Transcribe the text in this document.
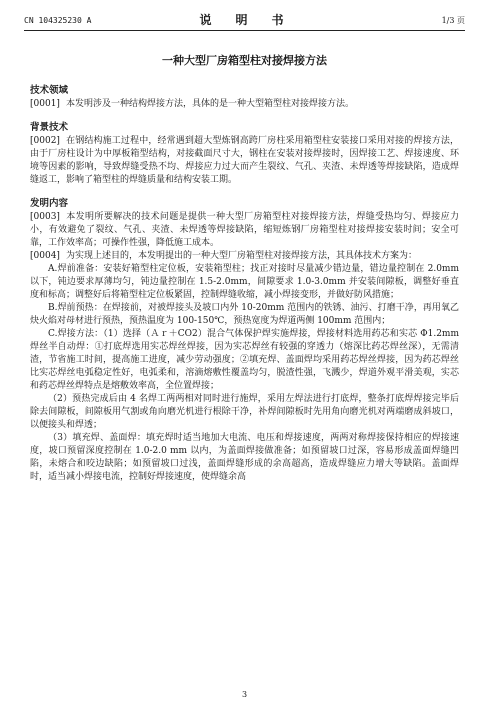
CN 104325230 A	说　明　书	1/3 页
一种大型厂房箱型柱对接焊接方法
技术领域

[0001] 本发明涉及一种结构焊接方法，具体的是一种大型箱型柱对接焊接方法。

背景技术

[0002] 在钢结构施工过程中，经常遇到超大型炼钢高跨厂房柱采用箱型柱安装接口采用对接的焊接方法，由于厂房柱设计为中厚板箱型结构，对接截面尺寸大，钢柱在安装对接焊接时，因焊接工艺、焊接速度、环境等因素的影响，导致焊缝受热不均、焊接应力过大而产生裂纹、气孔、夹渣、未焊透等焊接缺陷，造成焊缝返工，影响了箱型柱的焊缝质量和结构安装工期。

发明内容

[0003] 本发明所要解决的技术问题是提供一种大型厂房箱型柱对接焊接方法，焊缝受热均匀、焊接应力小，有效避免了裂纹、气孔、夹渣、未焊透等焊接缺陷，缩短炼钢厂房箱型柱对接焊接安装时间；安全可靠，工作效率高；可操作性强，降低施工成本。

[0004] 为实现上述目的，本发明提出的一种大型厂房箱型柱对接焊接方法，其具体技术方案为：

A.焊前准备：安装好箱型柱定位板，安装箱型柱；找正对接时尽量减少错边量，错边量控制在 2.0mm 以下，钝边要求厚薄均匀，钝边量控制在 1.5-2.0mm，间隙要求 1.0-3.0mm 并安装间隙板，调整好垂直度和标高；调整好后将箱型柱定位板紧固，控制焊缝收缩，减小焊接变形，并做好防风措施；

B.焊前预热：在焊接前，对被焊接头及坡口内外 10-20mm 范围内的铁锈、油污、打磨干净，再用氧乙炔火焰对母材进行预热，预热温度为 100-150℃，预热宽度为焊道两侧 100mm 范围内；

C.焊接方法：（1）选择（Ａｒ＋CO2）混合气体保护焊实施焊接，焊接材料选用药芯和实芯 Φ1.2mm 焊丝半自动焊：①打底焊选用实芯焊丝焊接，因为实芯焊丝有较强的穿透力（熔深比药芯焊丝深），无需清渣，节省施工时间，提高施工进度，减少劳动强度；②填充焊、盖面焊均采用药芯焊丝焊接，因为药芯焊丝比实芯焊丝电弧稳定性好，电弧柔和，溶滴熔敷性覆盖均匀，脱渣性强，飞溅少，焊道外观平滑美观，实芯和药芯焊丝焊特点是熔敷效率高，全位置焊接；

（2）预热完成后由 4 名焊工两两相对同时进行施焊，采用左焊法进行打底焊，整条打底焊焊接完毕后除去间隙板，间隙板用气割或角向磨光机进行根除干净，补焊间隙板时先用角向磨光机对两端磨成斜坡口，以便接头和焊透；

（3）填充焊、盖面焊：填充焊时适当地加大电流、电压和焊接速度，两两对称焊接保持相应的焊接速度，坡口预留深度控制在 1.0-2.0 mm 以内，为盖面焊接做准备；如预留坡口过深，容易形成盖面焊缝凹陷，未熔合和咬边缺陷；如预留坡口过浅，盖面焊缝形成的余高超高，造成焊缝应力增大等缺陷。盖面焊时，适当减小焊接电流，控制好焊接速度，使焊缝余高

3
